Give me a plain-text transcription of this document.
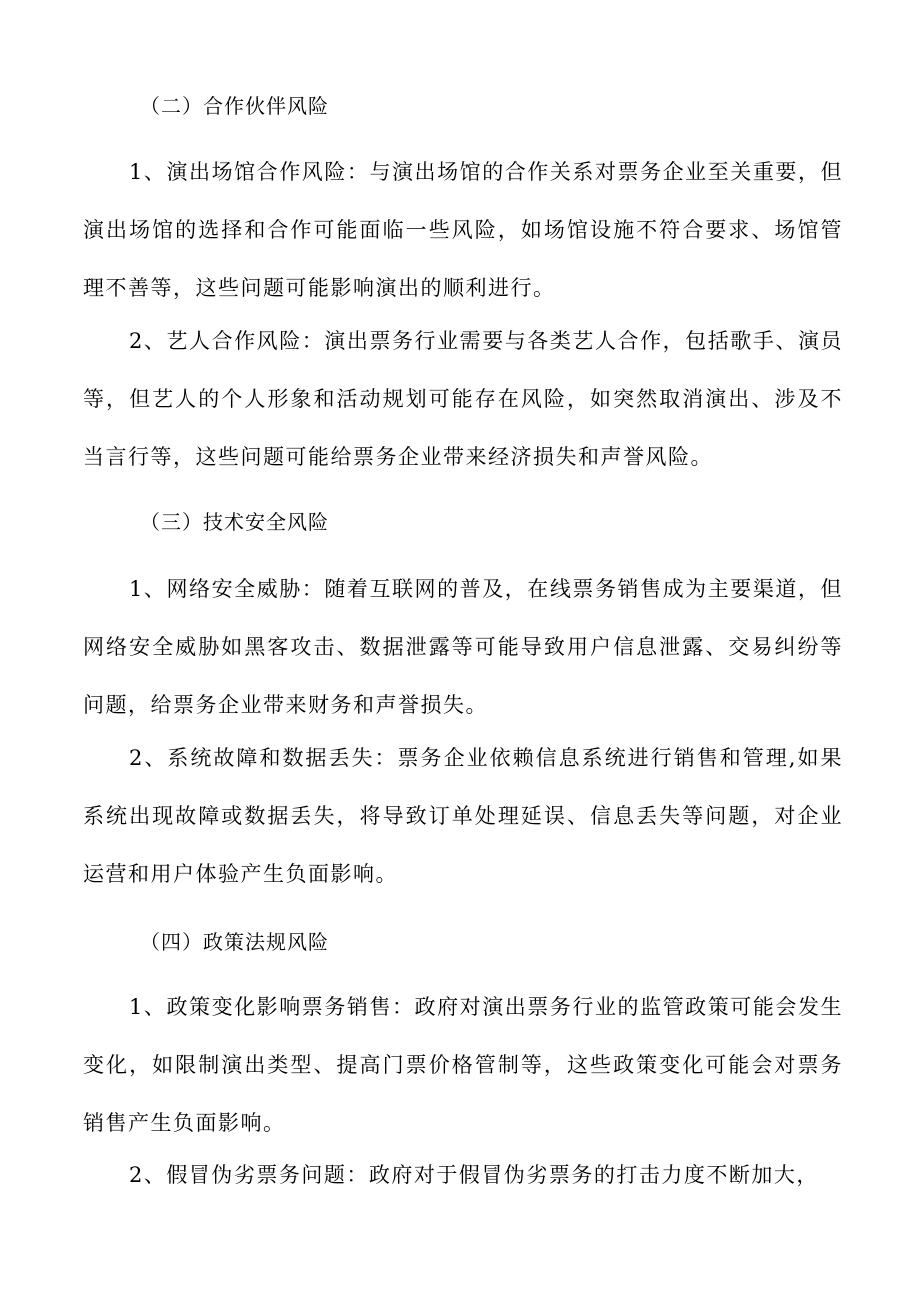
（二）合作伙伴风险

1、演出场馆合作风险：与演出场馆的合作关系对票务企业至关重要，但演出场馆的选择和合作可能面临一些风险，如场馆设施不符合要求、场馆管理不善等，这些问题可能影响演出的顺利进行。

2、艺人合作风险：演出票务行业需要与各类艺人合作，包括歌手、演员等，但艺人的个人形象和活动规划可能存在风险，如突然取消演出、涉及不当言行等，这些问题可能给票务企业带来经济损失和声誉风险。

（三）技术安全风险

1、网络安全威胁：随着互联网的普及，在线票务销售成为主要渠道，但网络安全威胁如黑客攻击、数据泄露等可能导致用户信息泄露、交易纠纷等问题，给票务企业带来财务和声誉损失。

2、系统故障和数据丢失：票务企业依赖信息系统进行销售和管理,如果系统出现故障或数据丢失，将导致订单处理延误、信息丢失等问题，对企业运营和用户体验产生负面影响。

（四）政策法规风险

1、政策变化影响票务销售：政府对演出票务行业的监管政策可能会发生变化，如限制演出类型、提高门票价格管制等，这些政策变化可能会对票务销售产生负面影响。

2、假冒伪劣票务问题：政府对于假冒伪劣票务的打击力度不断加大，
